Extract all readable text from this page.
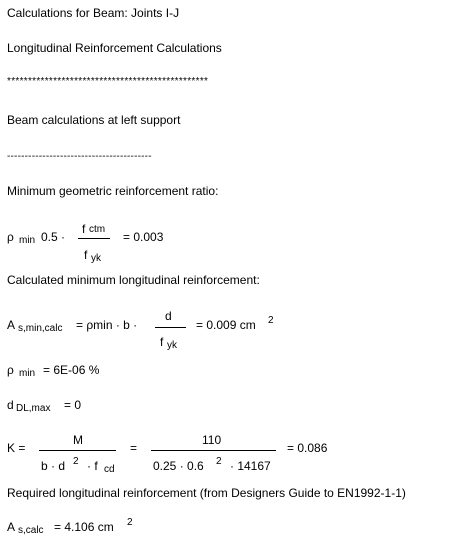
Calculations for Beam: Joints I-J
Longitudinal Reinforcement Calculations
************************************************
Beam calculations at left support
-----------------------------------------
Minimum geometric reinforcement ratio:
ρ min 0.5 ·
f ctm
f yk
= 0.003
Calculated minimum longitudinal reinforcement:
A s,min,calc = ρmin · b ·
d
f yk
= 0.009 cm 2
ρ min = 6E-06 %
d DL,max = 0
K =
M
b · d 2 · f cd
=
110
0.25 · 0.6 2 · 14167
= 0.086
Required longitudinal reinforcement (from Designers Guide to EN1992-1-1)
A s,calc = 4.106 cm 2
